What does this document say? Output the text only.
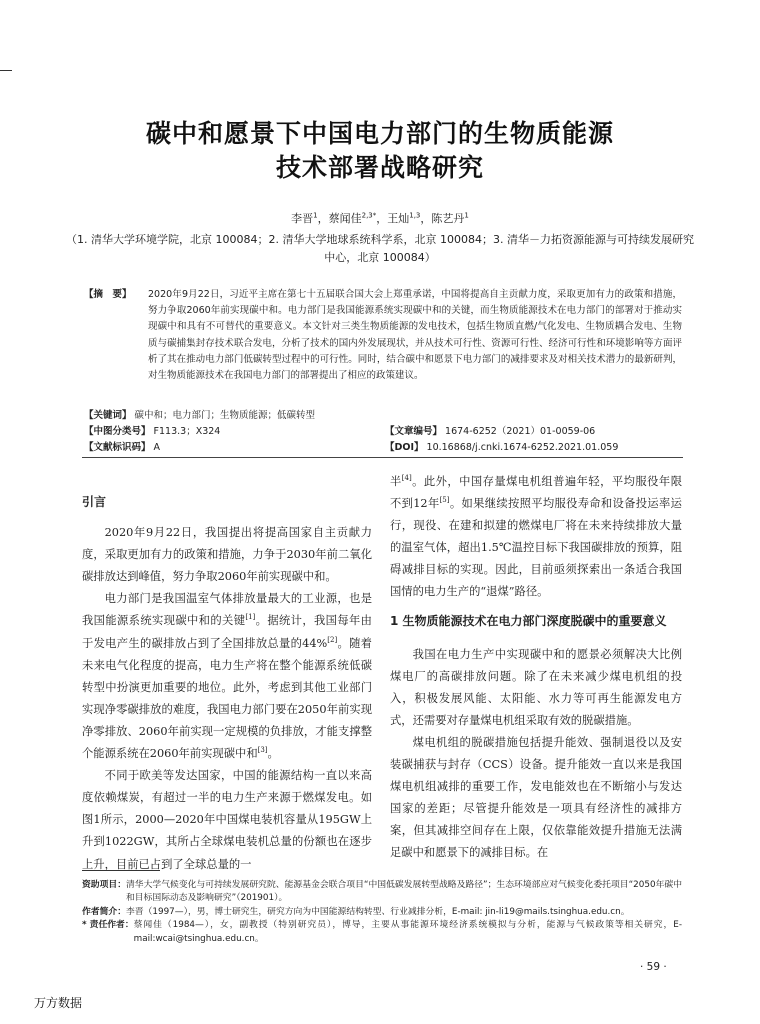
碳中和愿景下中国电力部门的生物质能源
技术部署战略研究
李晋$^1$，蔡闻佳$^{2,3*}$，王灿$^{1,3}$，陈艺丹$^1$
（1. 清华大学环境学院，北京 100084；2. 清华大学地球系统科学系，北京 100084；3. 清华－力拓资源能源与可持续发展研究中心，北京 100084）
【摘　要】 2020年9月22日，习近平主席在第七十五届联合国大会上郑重承诺，中国将提高自主贡献力度，采取更加有力的政策和措施，努力争取2060年前实现碳中和。电力部门是我国能源系统实现碳中和的关键，而生物质能源技术在电力部门的部署对于推动实现碳中和具有不可替代的重要意义。本文针对三类生物质能源的发电技术，包括生物质直燃/气化发电、生物质耦合发电、生物质与碳捕集封存技术联合发电，分析了技术的国内外发展现状，并从技术可行性、资源可行性、经济可行性和环境影响等方面评析了其在推动电力部门低碳转型过程中的可行性。同时，结合碳中和愿景下电力部门的减排要求及对相关技术潜力的最新研判，对生物质能源技术在我国电力部门的部署提出了相应的政策建议。
【关键词】 碳中和；电力部门；生物质能源；低碳转型
【中图分类号】 F113.3；X324
【文献标识码】 A
【文章编号】 1674-6252（2021）01-0059-06
【DOI】 10.16868/j.cnki.1674-6252.2021.01.059

引言

2020年9月22日，我国提出将提高国家自主贡献力度，采取更加有力的政策和措施，力争于2030年前二氧化碳排放达到峰值，努力争取2060年前实现碳中和。

电力部门是我国温室气体排放量最大的工业源，也是我国能源系统实现碳中和的关键[1]。据统计，我国每年由于发电产生的碳排放占到了全国排放总量的44%[2]。随着未来电气化程度的提高，电力生产将在整个能源系统低碳转型中扮演更加重要的地位。此外，考虑到其他工业部门实现净零碳排放的难度，我国电力部门要在2050年前实现净零排放、2060年前实现一定规模的负排放，才能支撑整个能源系统在2060年前实现碳中和[3]。

不同于欧美等发达国家，中国的能源结构一直以来高度依赖煤炭，有超过一半的电力生产来源于燃煤发电。如图1所示，2000—2020年中国煤电装机容量从195GW上升到1022GW，其所占全球煤电装机总量的份额也在逐步上升，目前已占到了全球总量的一

半[4]。此外，中国存量煤电机组普遍年轻，平均服役年限不到12年[5]。如果继续按照平均服役寿命和设备投运率运行，现役、在建和拟建的燃煤电厂将在未来持续排放大量的温室气体，超出1.5℃温控目标下我国碳排放的预算，阻碍减排目标的实现。因此，目前亟须探索出一条适合我国国情的电力生产的“退煤”路径。

1 生物质能源技术在电力部门深度脱碳中的重要意义

我国在电力生产中实现碳中和的愿景必须解决大比例煤电厂的高碳排放问题。除了在未来减少煤电机组的投入，积极发展风能、太阳能、水力等可再生能源发电方式，还需要对存量煤电机组采取有效的脱碳措施。

煤电机组的脱碳措施包括提升能效、强制退役以及安装碳捕获与封存（CCS）设备。提升能效一直以来是我国煤电机组减排的重要工作，发电能效也在不断缩小与发达国家的差距；尽管提升能效是一项具有经济性的减排方案，但其减排空间存在上限，仅依靠能效提升措施无法满足碳中和愿景下的减排目标。在

资助项目： 清华大学气候变化与可持续发展研究院、能源基金会联合项目“中国低碳发展转型战略及路径”；生态环境部应对气候变化委托项目“2050年碳中和目标国际动态及影响研究”（201901）。
作者简介： 李晋（1997—），男，博士研究生，研究方向为中国能源结构转型、行业减排分析，E-mail: jin-li19@mails.tsinghua.edu.cn。
* 责任作者： 蔡闻佳（1984—），女，副教授（特别研究员），博导，主要从事能源环境经济系统模拟与分析，能源与气候政策等相关研究，E-mail:wcai@tsinghua.edu.cn。
· 59 ·
万方数据
